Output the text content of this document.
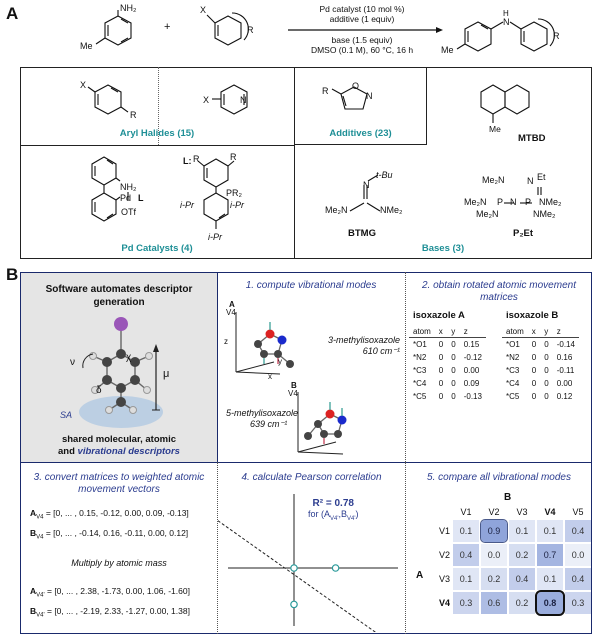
A	NH₂
Me
+
X
R
Pd catalyst (10 mol %)
additive (1 equiv)
base (1.5 equiv)
DMSO (0.1 M), 60 °C, 16 h
H
N
Me
R
X
R
X	N
Aryl Halides (15)
R	O
N
Additives (23)	Me
MTBD
NH₂
Pd L
OTf
L:	R
R
PR₂
i-Pr	i-Pr
i-Pr
Pd Catalysts (4)
t-Bu
N
Me₂N	NMe₂
BTMG
N Et
Me₂N
Me₂N P N P NMe₂
Me₂N	NMe₂
P₂Et
Bases (3)
B
Software automates descriptor generation
ν	χ
δ
μ
SA
shared molecular, atomic
and vibrational descriptors
1. compute vibrational modes
A
V4
B
V4
z
x
y
3-methylisoxazole
610 cm⁻¹
5-methylisoxazole
639 cm⁻¹
2. obtain rotated atomic movement matrices
isoxazole A	isoxazole B
atom	x	y	z
*O1	0	0	0.15
*N2	0	0	-0.12
*C3	0	0	0.00
*C4	0	0	0.09
*C5	0	0	-0.13
atom	x	y	z
*O1	0	0	-0.14
*N2	0	0	0.16
*C3	0	0	-0.11
*C4	0	0	0.00
*C5	0	0	0.12
3. convert matrices to weighted atomic movement vectors
$A_{V4} = [0$, ... , 0.15, -0.12, 0.00, 0.09, -0.13]
$B_{V4} = [0$, ... , -0.14, 0.16, -0.11, 0.00, 0.12]
Multiply by atomic mass
$A_{V4'} = [0$, ... , 2.38, -1.73, 0.00, 1.06, -1.60]
$B_{V4'} = [0$, ... , -2.19, 2.33, -1.27, 0.00, 1.38]
4. calculate Pearson correlation
R² = 0.78
for $(A_{V4'},B_{V4'})$
5. compare all vibrational modes
B
A
	V1	V2	V3	V4	V5
V1	0.1	0.9	0.1	0.1	0.4
V2	0.4	0.0	0.2	0.7	0.0
V3	0.1	0.2	0.4	0.1	0.4
V4	0.3	0.6	0.2	0.8	0.3
